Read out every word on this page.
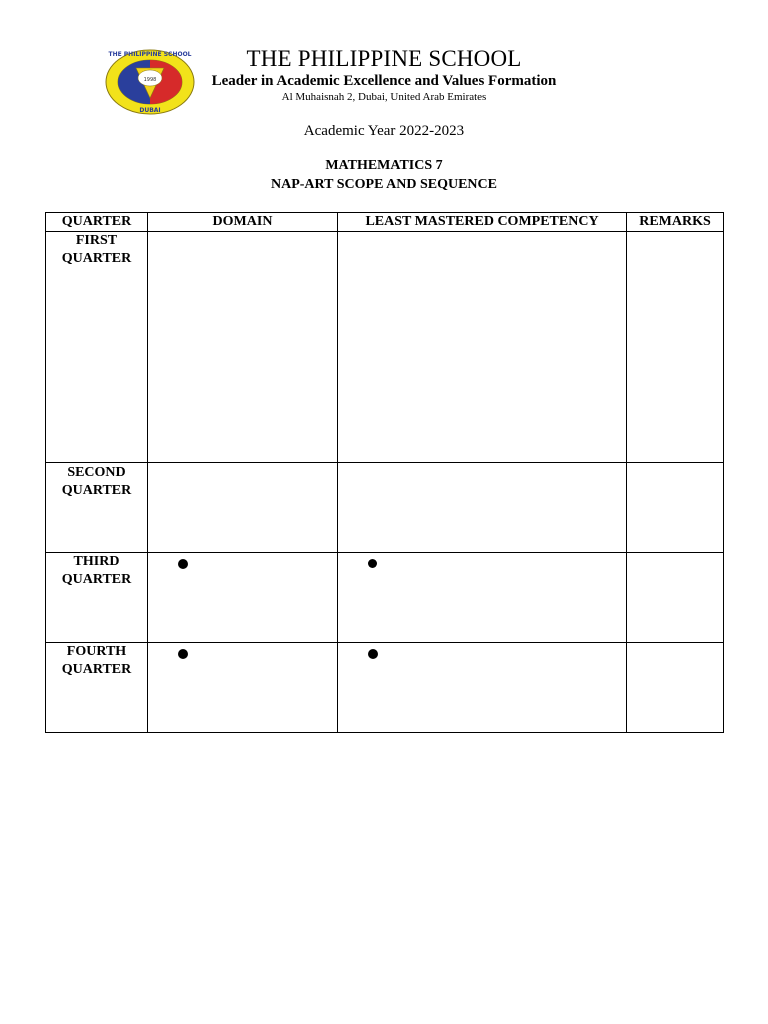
1998
THE PHILIPPINE SCHOOL
DUBAI
THE PHILIPPINE SCHOOL
Leader in Academic Excellence and Values Formation
Al Muhaisnah 2, Dubai, United Arab Emirates
Academic Year 2022-2023
MATHEMATICS 7
NAP-ART SCOPE AND SEQUENCE
QUARTER	DOMAIN	LEAST MASTERED COMPETENCY	REMARKS

FIRST
QUARTER			

SECOND
QUARTER			

THIRD
QUARTER			

FOURTH
QUARTER			
